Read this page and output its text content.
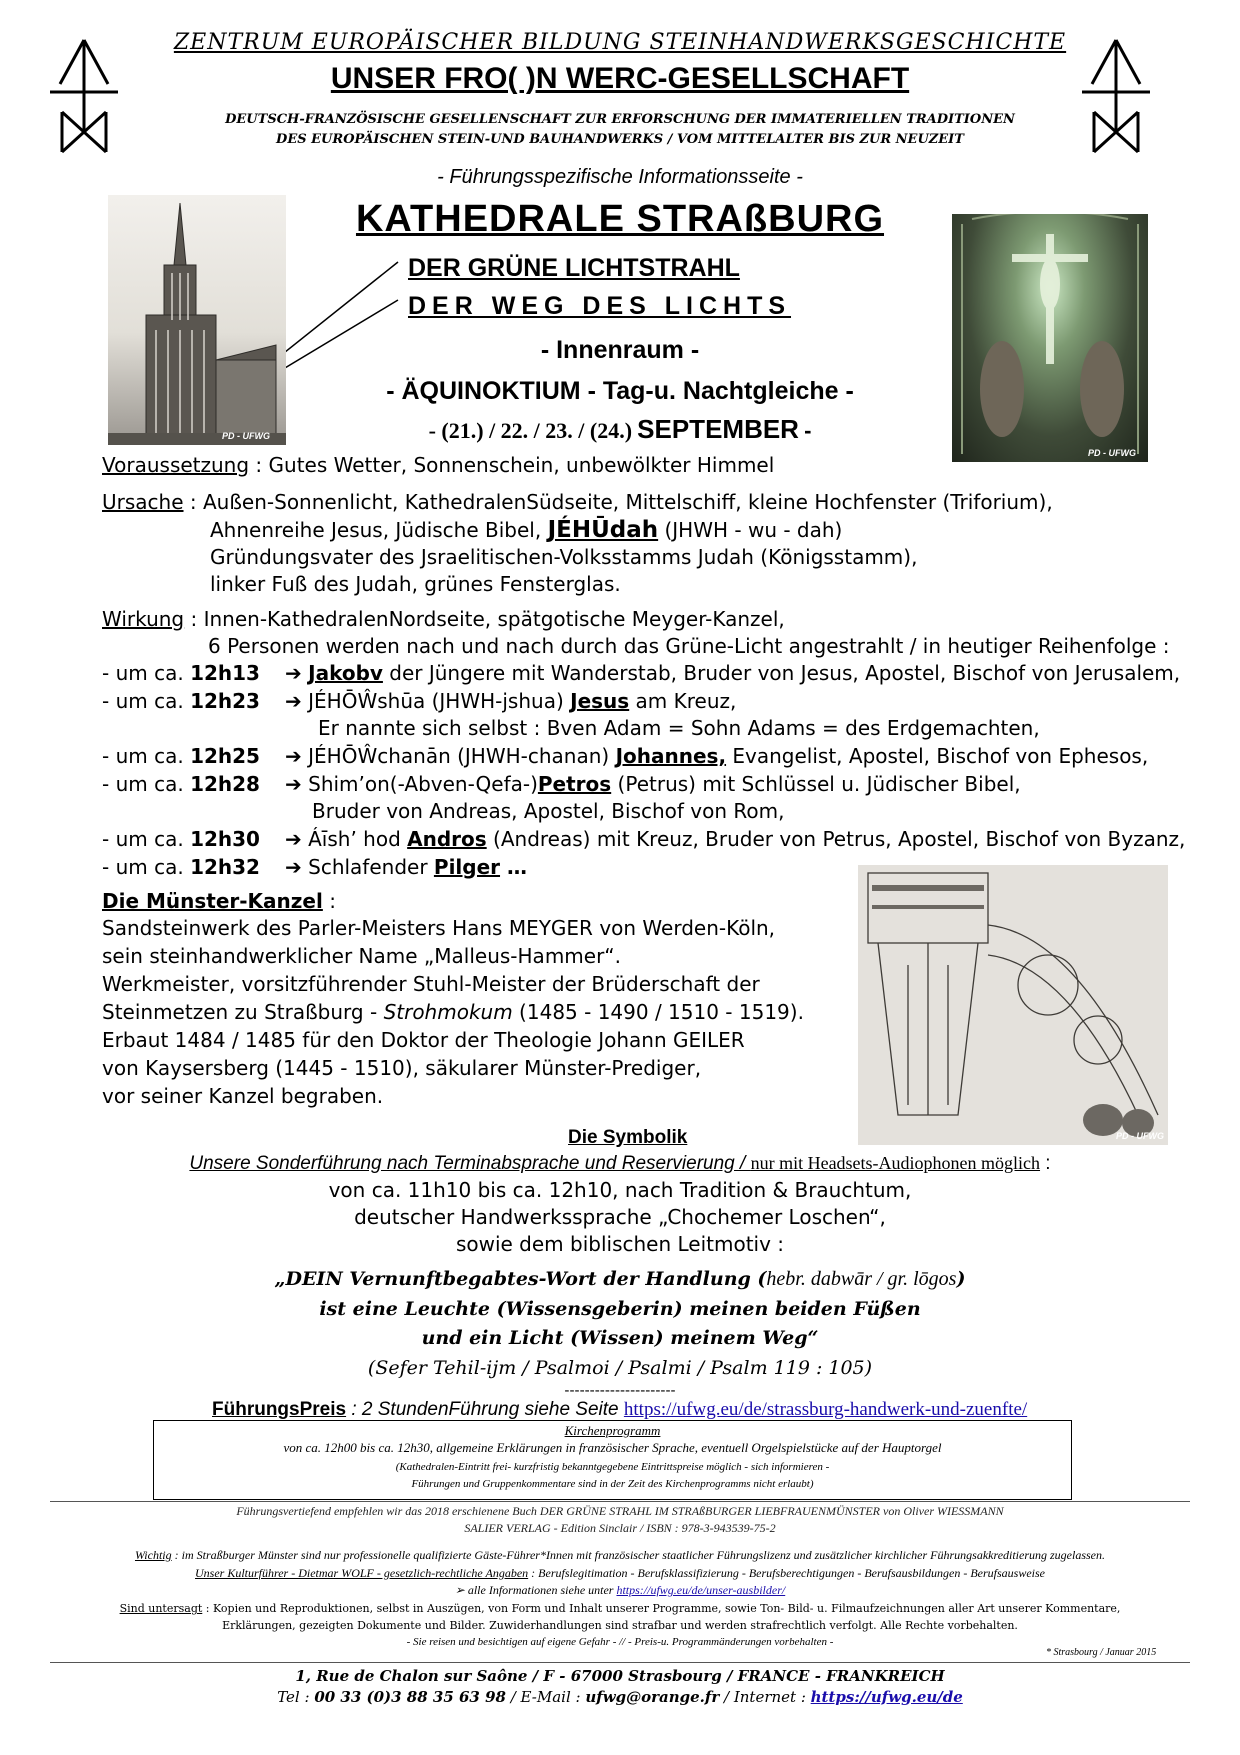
ZENTRUM EUROPÄISCHER BILDUNG STEINHANDWERKSGESCHICHTE
UNSER FRO( )N WERC-GESELLSCHAFT
DEUTSCH-FRANZÖSISCHE GESELLENSCHAFT ZUR ERFORSCHUNG DER IMMATERIELLEN TRADITIONEN
DES EUROPÄISCHEN STEIN-UND BAUHANDWERKS / VOM MITTELALTER BIS ZUR NEUZEIT
- Führungsspezifische Informationsseite -
KATHEDRALE STRAßBURG
DER GRÜNE LICHTSTRAHL
DER WEG DES LICHTS
- Innenraum -
- ÄQUINOKTIUM - Tag-u. Nachtgleiche -
- (21.) / 22. / 23. / (24.) SEPTEMBER -
PD - UFWG
PD - UFWG
Voraussetzung : Gutes Wetter, Sonnenschein, unbewölkter Himmel
Ursache : Außen-Sonnenlicht, KathedralenSüdseite, Mittelschiff, kleine Hochfenster (Triforium),
Ahnenreihe Jesus, Jüdische Bibel, JÉHŪdah (JHWH - wu - dah)
Gründungsvater des Jsraelitischen-Volksstamms Judah (Königsstamm),
linker Fuß des Judah, grünes Fensterglas.
Wirkung : Innen-KathedralenNordseite, spätgotische Meyger-Kanzel,
6 Personen werden nach und nach durch das Grüne-Licht angestrahlt / in heutiger Reihenfolge :
- um ca. 12h13 ➔ Jakobv der Jüngere mit Wanderstab, Bruder von Jesus, Apostel, Bischof von Jerusalem,
- um ca. 12h23 ➔ JÉHŌŴshūa (JHWH-jshua) Jesus am Kreuz,
Er nannte sich selbst : Bven Adam = Sohn Adams = des Erdgemachten,
- um ca. 12h25 ➔ JÉHŌŴchanān (JHWH-chanan) Johannes, Evangelist, Apostel, Bischof von Ephesos,
- um ca. 12h28 ➔ Shim’on(-Abven-Qefa-)Petros (Petrus) mit Schlüssel u. Jüdischer Bibel,
Bruder von Andreas, Apostel, Bischof von Rom,
- um ca. 12h30 ➔ Áīsh’ hod Andros (Andreas) mit Kreuz, Bruder von Petrus, Apostel, Bischof von Byzanz,
- um ca. 12h32 ➔ Schlafender Pilger …
PD - UFWG
Die Münster-Kanzel :
Sandsteinwerk des Parler-Meisters Hans MEYGER von Werden-Köln,
sein steinhandwerklicher Name „Malleus-Hammer“.
Werkmeister, vorsitzführender Stuhl-Meister der Brüderschaft der
Steinmetzen zu Straßburg - Strohmokum (1485 - 1490 / 1510 - 1519).
Erbaut 1484 / 1485 für den Doktor der Theologie Johann GEILER
von Kaysersberg (1445 - 1510), säkularer Münster-Prediger,
vor seiner Kanzel begraben.
Die Symbolik
Unsere Sonderführung nach Terminabsprache und Reservierung / nur mit Headsets-Audiophonen möglich :
von ca. 11h10 bis ca. 12h10, nach Tradition & Brauchtum,
deutscher Handwerkssprache „Chochemer Loschen“,
sowie dem biblischen Leitmotiv :
„DEIN Vernunftbegabtes-Wort der Handlung (hebr. dabwār / gr. lōgos)
ist eine Leuchte (Wissensgeberin) meinen beiden Füßen
und ein Licht (Wissen) meinem Weg“
(Sefer Tehil-ijm / Psalmoi / Psalmi / Psalm 119 : 105)
----------------------
FührungsPreis : 2 StundenFührung siehe Seite https://ufwg.eu/de/strassburg-handwerk-und-zuenfte/
Kirchenprogramm
von ca. 12h00 bis ca. 12h30, allgemeine Erklärungen in französischer Sprache, eventuell Orgelspielstücke auf der Hauptorgel
(Kathedralen-Eintritt frei- kurzfristig bekanntgegebene Eintrittspreise möglich - sich informieren -
Führungen und Gruppenkommentare sind in der Zeit des Kirchenprogramms nicht erlaubt)
Führungsvertiefend empfehlen wir das 2018 erschienene Buch DER GRÜNE STRAHL IM STRAßBURGER LIEBFRAUENMÜNSTER von Oliver WIESSMANN
SALIER VERLAG - Edition Sinclair / ISBN : 978-3-943539-75-2
Wichtig : im Straßburger Münster sind nur professionelle qualifizierte Gäste-Führer*Innen mit französischer staatlicher Führungslizenz und zusätzlicher kirchlicher Führungsakkreditierung zugelassen.
Unser Kulturführer - Dietmar WOLF - gesetzlich-rechtliche Angaben : Berufslegitimation - Berufsklassifizierung - Berufsberechtigungen - Berufsausbildungen - Berufsausweise
➢ alle Informationen siehe unter https://ufwg.eu/de/unser-ausbilder/
Sind untersagt : Kopien und Reproduktionen, selbst in Auszügen, von Form und Inhalt unserer Programme, sowie Ton- Bild- u. Filmaufzeichnungen aller Art unserer Kommentare,
Erklärungen, gezeigten Dokumente und Bilder. Zuwiderhandlungen sind strafbar und werden strafrechtlich verfolgt. Alle Rechte vorbehalten.
- Sie reisen und besichtigen auf eigene Gefahr - // - Preis-u. Programmänderungen vorbehalten -
* Strasbourg / Januar 2015
1, Rue de Chalon sur Saône / F - 67000 Strasbourg / FRANCE - FRANKREICH
Tel : 00 33 (0)3 88 35 63 98 / E-Mail : ufwg@orange.fr / Internet : https://ufwg.eu/de
